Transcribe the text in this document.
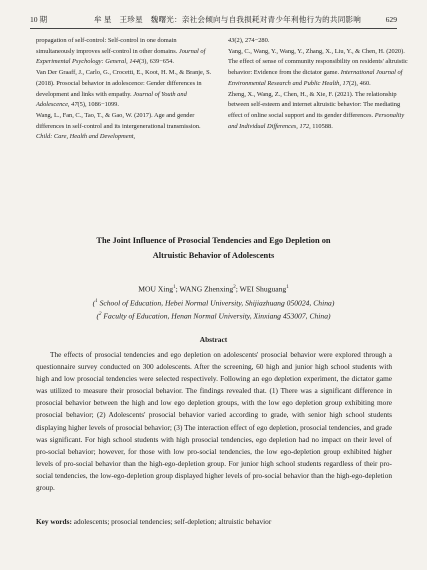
10 期	牟 星　王珍星　魏曙光：亲社会倾向与自我损耗对青少年利他行为的共同影响	629

propagation of self-control: Self-control in one domain simultaneously improves self-control in other domains. Journal of Experimental Psychology: General, 144(3), 639−654.

Van Der Graaff, J., Carlo, G., Crocetti, E., Koot, H. M., & Branje, S. (2018). Prosocial behavior in adolescence: Gender differences in development and links with empathy. Journal of Youth and Adolescence, 47(5), 1086−1099.

Wang, L., Fan, C., Tao, T., & Gao, W. (2017). Age and gender differences in self-control and its intergenerational transmission. Child: Care, Health and Development,

43(2), 274−280.

Yang, C., Wang, Y., Wang, Y., Zhang, X., Liu, Y., & Chen, H. (2020). The effect of sense of community responsibility on residents' altruistic behavior: Evidence from the dictator game. International Journal of Environmental Research and Public Health, 17(2), 460.

Zheng, X., Wang, Z., Chen, H., & Xie, F. (2021). The relationship between self-esteem and internet altruistic behavior: The mediating effect of online social support and its gender differences. Personality and Individual Differences, 172, 110588.

The Joint Influence of Prosocial Tendencies and Ego Depletion on
Altruistic Behavior of Adolescents
MOU Xing$^1$; WANG Zhenxing$^2$; WEI Shuguang$^1$
($^1$ School of Education, Hebei Normal University, Shijiazhuang 050024, China)
($^2$ Faculty of Education, Henan Normal University, Xinxiang 453007, China)
Abstract

The effects of prosocial tendencies and ego depletion on adolescents' prosocial behavior were explored through a questionnaire survey conducted on 300 adolescents. After the screening, 60 high and junior high school students with high and low prosocial tendencies were selected respectively. Following an ego depletion experiment, the dictator game was utilized to measure their prosocial behavior. The findings revealed that. (1) There was a significant difference in prosocial behavior between the high and low ego depletion groups, with the low ego depletion group exhibiting more prosocial behavior; (2) Adolescents' prosocial behavior varied according to grade, with senior high school students displaying higher levels of prosocial behavior; (3) The interaction effect of ego depletion, prosocial tendencies, and grade was significant. For high school students with high prosocial tendencies, ego depletion had no impact on their level of pro-social behavior; however, for those with low pro-social tendencies, the low ego-depletion group exhibited higher levels of pro-social behavior than the high-ego-depletion group. For junior high school students regardless of their pro-social tendencies, the low-ego-depletion group displayed higher levels of pro-social behavior than the high-ego-depletion group.

Key words: adolescents; prosocial tendencies; self-depletion; altruistic behavior
